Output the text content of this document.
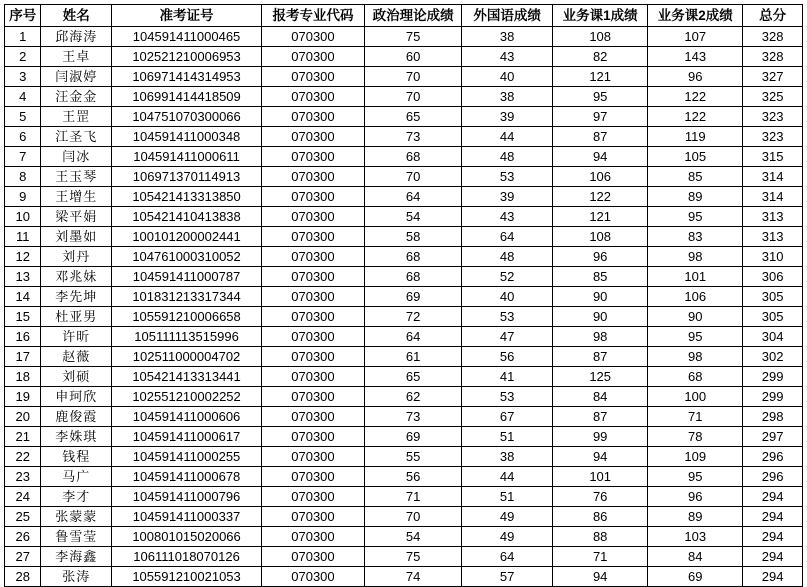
序号	姓名	准考证号	报考专业代码	政治理论成绩	外国语成绩	业务课1成绩	业务课2成绩	总分
1	邱海涛	104591411000465	070300	75	38	108	107	328
2	王卓	102521210006953	070300	60	43	82	143	328
3	闫淑婷	106971414314953	070300	70	40	121	96	327
4	汪金金	106991414418509	070300	70	38	95	122	325
5	王罡	104751070300066	070300	65	39	97	122	323
6	江圣飞	104591411000348	070300	73	44	87	119	323
7	闫冰	104591411000611	070300	68	48	94	105	315
8	王玉琴	106971370114913	070300	70	53	106	85	314
9	王增生	105421413313850	070300	64	39	122	89	314
10	梁平娟	105421410413838	070300	54	43	121	95	313
11	刘墨如	100101200002441	070300	58	64	108	83	313
12	刘丹	104761000310052	070300	68	48	96	98	310
13	邓兆妹	104591411000787	070300	68	52	85	101	306
14	李先坤	101831213317344	070300	69	40	90	106	305
15	杜亚男	105591210006658	070300	72	53	90	90	305
16	许昕	105111113515996	070300	64	47	98	95	304
17	赵薇	102511000004702	070300	61	56	87	98	302
18	刘硕	105421413313441	070300	65	41	125	68	299
19	申珂欣	102551210002252	070300	62	53	84	100	299
20	鹿俊霞	104591411000606	070300	73	67	87	71	298
21	李姝琪	104591411000617	070300	69	51	99	78	297
22	钱程	104591411000255	070300	55	38	94	109	296
23	马广	104591411000678	070300	56	44	101	95	296
24	李才	104591411000796	070300	71	51	76	96	294
25	张蒙蒙	104591411000337	070300	70	49	86	89	294
26	鲁雪莹	100801015020066	070300	54	49	88	103	294
27	李海鑫	106111018070126	070300	75	64	71	84	294
28	张涛	105591210021053	070300	74	57	94	69	294
